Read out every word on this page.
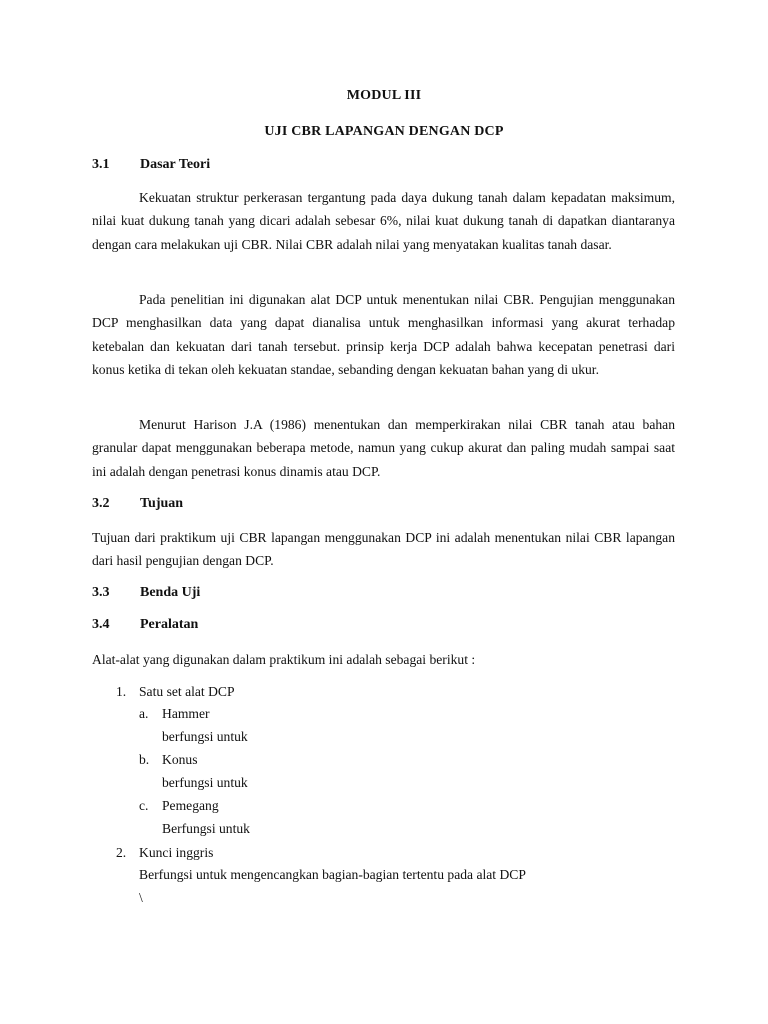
MODUL III
UJI CBR LAPANGAN DENGAN DCP
3.1 Dasar Teori

Kekuatan struktur perkerasan tergantung pada daya dukung tanah dalam kepadatan maksimum, nilai kuat dukung tanah yang dicari adalah sebesar 6%, nilai kuat dukung tanah di dapatkan diantaranya dengan cara melakukan uji CBR. Nilai CBR adalah nilai yang menyatakan kualitas tanah dasar.

Pada penelitian ini digunakan alat DCP untuk menentukan nilai CBR. Pengujian menggunakan DCP menghasilkan data yang dapat dianalisa untuk menghasilkan informasi yang akurat terhadap ketebalan dan kekuatan dari tanah tersebut. prinsip kerja DCP adalah bahwa kecepatan penetrasi dari konus ketika di tekan oleh kekuatan standae, sebanding dengan kekuatan bahan yang di ukur.

Menurut Harison J.A (1986) menentukan dan memperkirakan nilai CBR tanah atau bahan granular dapat menggunakan beberapa metode, namun yang cukup akurat dan paling mudah sampai saat ini adalah dengan penetrasi konus dinamis atau DCP.

3.2 Tujuan

Tujuan dari praktikum uji CBR lapangan menggunakan DCP ini adalah menentukan nilai CBR lapangan dari hasil pengujian dengan DCP.

3.3 Benda Uji
3.4 Peralatan
Alat-alat yang digunakan dalam praktikum ini adalah sebagai berikut :
1. Satu set alat DCP
a. Hammer
berfungsi untuk
b. Konus
berfungsi untuk
c. Pemegang
Berfungsi untuk
2. Kunci inggris
Berfungsi untuk mengencangkan bagian-bagian tertentu pada alat DCP
\
